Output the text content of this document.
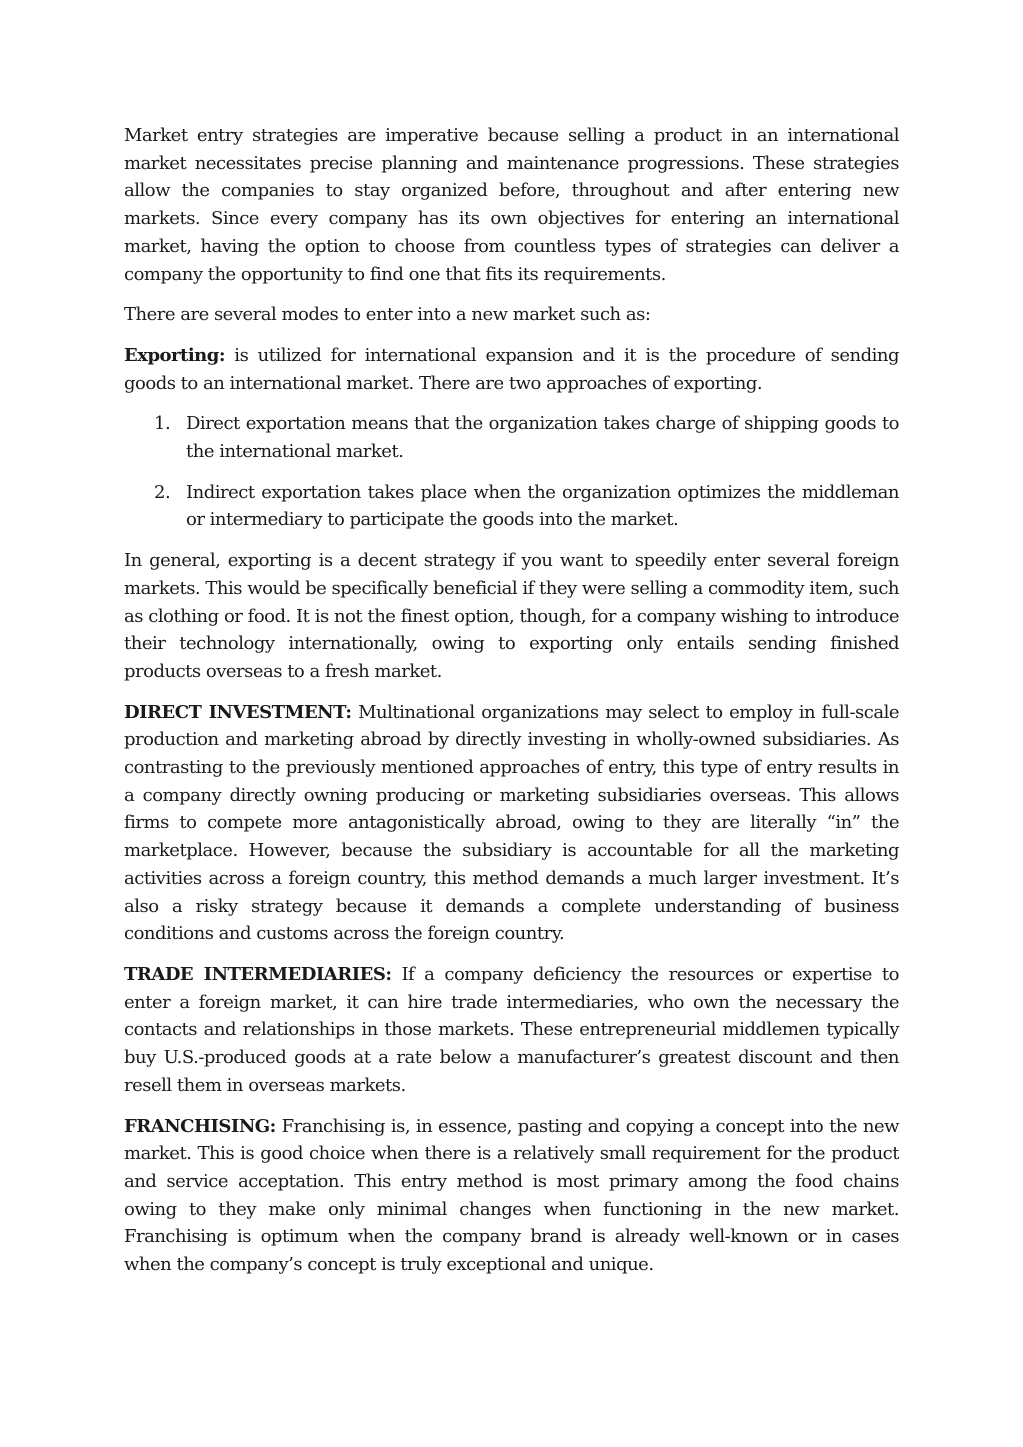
Market entry strategies are imperative because selling a product in an international market necessitates precise planning and maintenance progressions. These strategies allow the companies to stay organized before, throughout and after entering new markets. Since every company has its own objectives for entering an international market, having the option to choose from countless types of strategies can deliver a company the opportunity to find one that fits its requirements.

There are several modes to enter into a new market such as:

Exporting: is utilized for international expansion and it is the procedure of sending goods to an international market. There are two approaches of exporting.

1. Direct exportation means that the organization takes charge of shipping goods to the international market.
2. Indirect exportation takes place when the organization optimizes the middleman or intermediary to participate the goods into the market.

In general, exporting is a decent strategy if you want to speedily enter several foreign markets. This would be specifically beneficial if they were selling a commodity item, such as clothing or food. It is not the finest option, though, for a company wishing to introduce their technology internationally, owing to exporting only entails sending finished products overseas to a fresh market.

DIRECT INVESTMENT: Multinational organizations may select to employ in full-scale production and marketing abroad by directly investing in wholly-owned subsidiaries. As contrasting to the previously mentioned approaches of entry, this type of entry results in a company directly owning producing or marketing subsidiaries overseas. This allows firms to compete more antagonistically abroad, owing to they are literally “in” the marketplace. However, because the subsidiary is accountable for all the marketing activities across a foreign country, this method demands a much larger investment. It’s also a risky strategy because it demands a complete understanding of business conditions and customs across the foreign country.

TRADE INTERMEDIARIES: If a company deficiency the resources or expertise to enter a foreign market, it can hire trade intermediaries, who own the necessary the contacts and relationships in those markets. These entrepreneurial middlemen typically buy U.S.-produced goods at a rate below a manufacturer’s greatest discount and then resell them in overseas markets.

FRANCHISING: Franchising is, in essence, pasting and copying a concept into the new market. This is good choice when there is a relatively small requirement for the product and service acceptation. This entry method is most primary among the food chains owing to they make only minimal changes when functioning in the new market. Franchising is optimum when the company brand is already well-known or in cases when the company’s concept is truly exceptional and unique.
